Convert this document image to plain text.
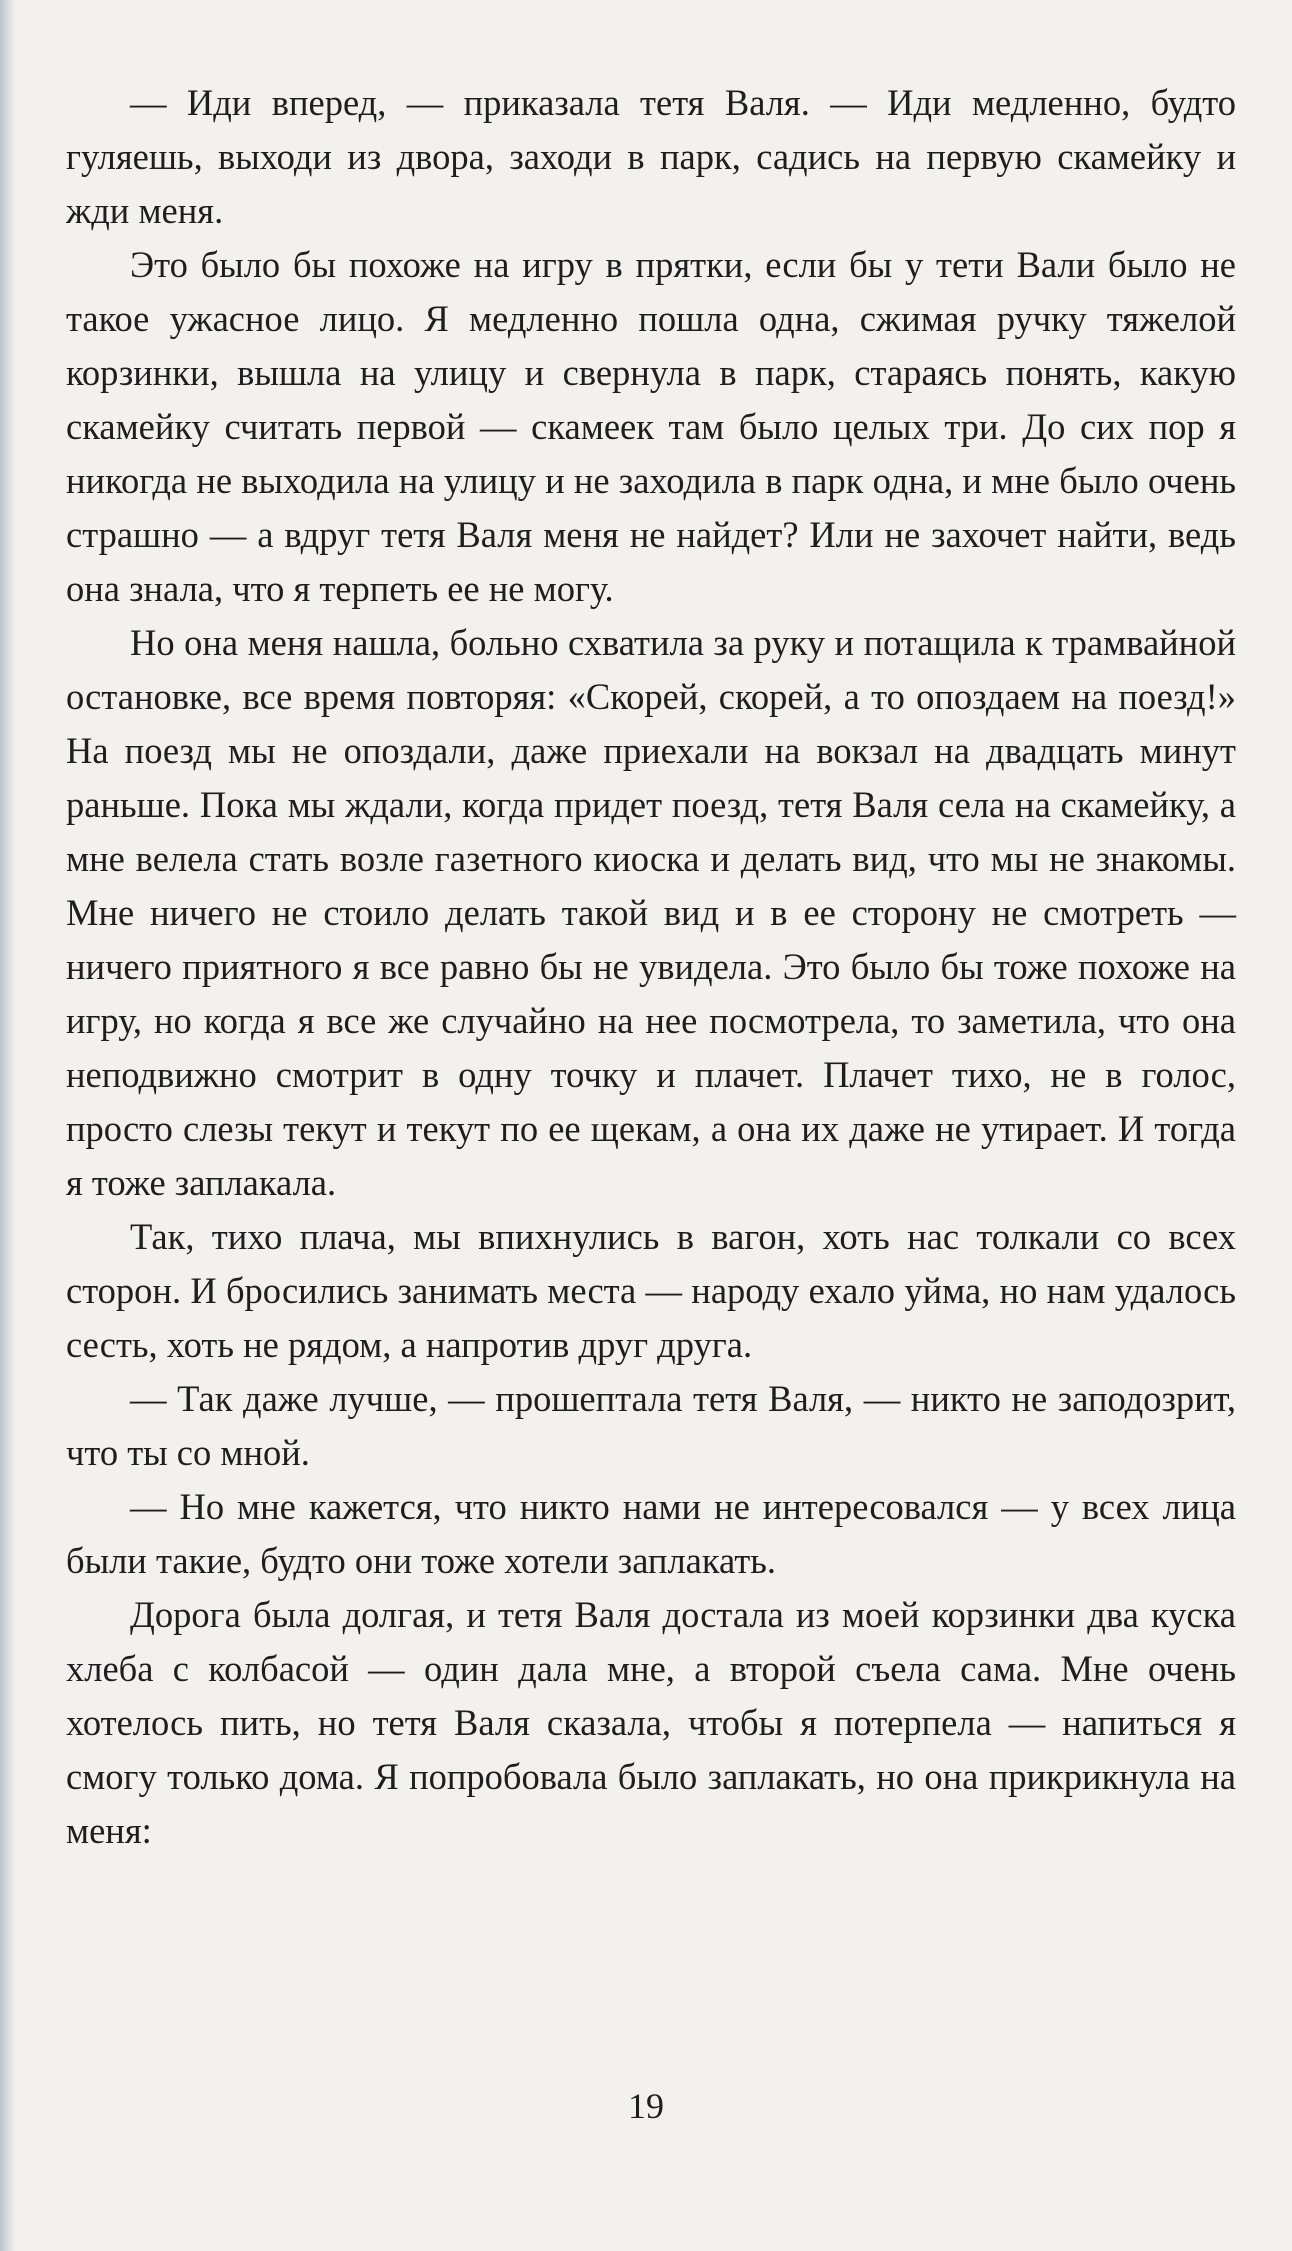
— Иди вперед, — приказала тетя Валя. — Иди медленно, будто гуляешь, выходи из двора, заходи в парк, садись на первую скамейку и жди меня.

Это было бы похоже на игру в прятки, если бы у тети Вали было не такое ужасное лицо. Я медленно пошла одна, сжимая ручку тяжелой корзинки, вышла на улицу и свернула в парк, стараясь понять, какую скамейку считать первой — скамеек там было целых три. До сих пор я никогда не выходила на улицу и не заходила в парк одна, и мне было очень страшно — а вдруг тетя Валя меня не найдет? Или не захочет найти, ведь она знала, что я терпеть ее не могу.

Но она меня нашла, больно схватила за руку и потащила к трамвайной остановке, все время повторяя: «Скорей, скорей, а то опоздаем на поезд!» На поезд мы не опоздали, даже приехали на вокзал на двадцать минут раньше. Пока мы ждали, когда придет поезд, тетя Валя села на скамейку, а мне велела стать возле газетного киоска и делать вид, что мы не знакомы. Мне ничего не стоило делать такой вид и в ее сторону не смотреть — ничего приятного я все равно бы не увидела. Это было бы тоже похоже на игру, но когда я все же случайно на нее посмотрела, то заметила, что она неподвижно смотрит в одну точку и плачет. Плачет тихо, не в голос, просто слезы текут и текут по ее щекам, а она их даже не утирает. И тогда я тоже заплакала.

Так, тихо плача, мы впихнулись в вагон, хоть нас толкали со всех сторон. И бросились занимать места — народу ехало уйма, но нам удалось сесть, хоть не рядом, а напротив друг друга.

— Так даже лучше, — прошептала тетя Валя, — никто не заподозрит, что ты со мной.

— Но мне кажется, что никто нами не интересовался — у всех лица были такие, будто они тоже хотели заплакать.

Дорога была долгая, и тетя Валя достала из моей корзинки два куска хлеба с колбасой — один дала мне, а второй съела сама. Мне очень хотелось пить, но тетя Валя сказала, чтобы я потерпела — напиться я смогу только дома. Я попробовала было заплакать, но она прикрикнула на меня:

19
